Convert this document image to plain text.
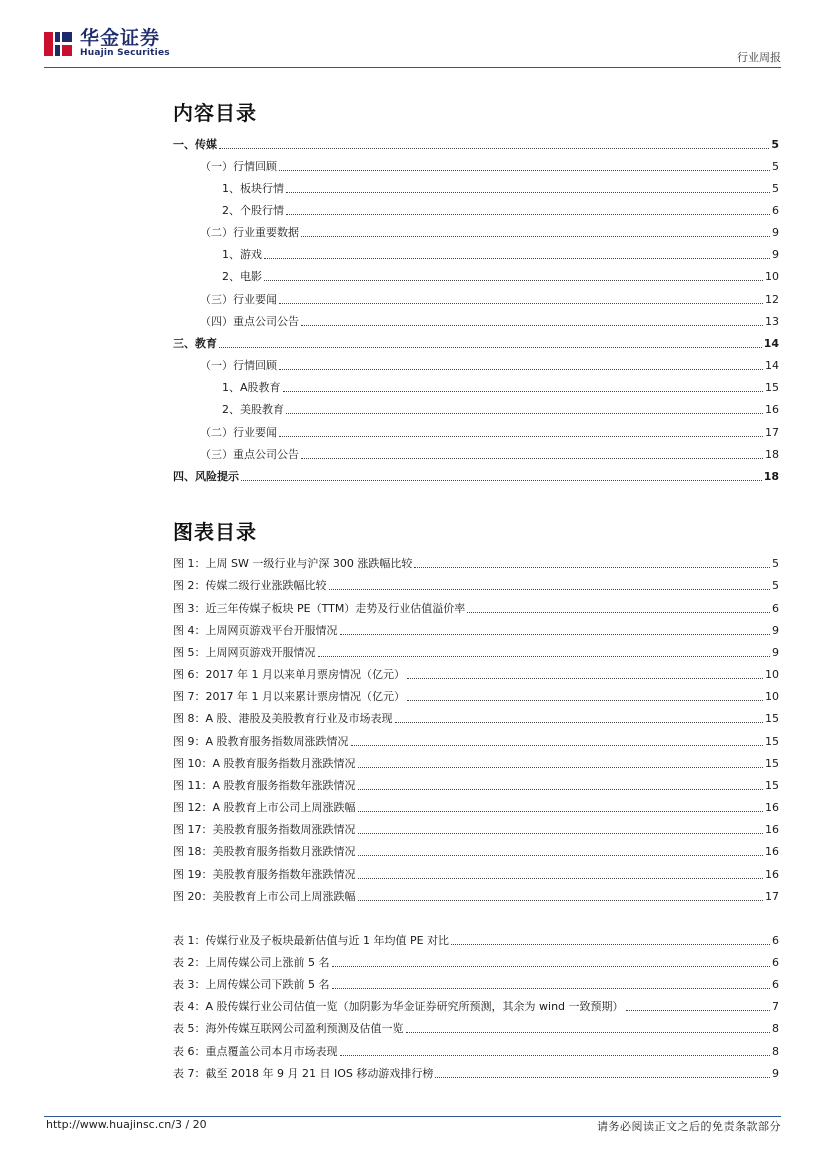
华金证券
Huajin Securities	行业周报
内容目录
一、传媒	5
（一）行情回顾	5
1、板块行情	5
2、个股行情	6
（二）行业重要数据	9
1、游戏	9
2、电影	10
（三）行业要闻	12
（四）重点公司公告	13
三、教育	14
（一）行情回顾	14
1、A股教育	15
2、美股教育	16
（二）行业要闻	17
（三）重点公司公告	18
四、风险提示	18
图表目录
图 1：上周 SW 一级行业与沪深 300 涨跌幅比较	5
图 2：传媒二级行业涨跌幅比较	5
图 3：近三年传媒子板块 PE（TTM）走势及行业估值溢价率	6
图 4：上周网页游戏平台开服情况	9
图 5：上周网页游戏开服情况	9
图 6：2017 年 1 月以来单月票房情况（亿元）	10
图 7：2017 年 1 月以来累计票房情况（亿元）	10
图 8：A 股、港股及美股教育行业及市场表现	15
图 9：A 股教育服务指数周涨跌情况	15
图 10：A 股教育服务指数月涨跌情况	15
图 11：A 股教育服务指数年涨跌情况	15
图 12：A 股教育上市公司上周涨跌幅	16
图 17：美股教育服务指数周涨跌情况	16
图 18：美股教育服务指数月涨跌情况	16
图 19：美股教育服务指数年涨跌情况	16
图 20：美股教育上市公司上周涨跌幅	17
表 1：传媒行业及子板块最新估值与近 1 年均值 PE 对比	6
表 2：上周传媒公司上涨前 5 名	6
表 3：上周传媒公司下跌前 5 名	6
表 4：A 股传媒行业公司估值一览（加阴影为华金证券研究所预测，其余为 wind 一致预期）	7
表 5：海外传媒互联网公司盈利预测及估值一览	8
表 6：重点覆盖公司本月市场表现	8
表 7：截至 2018 年 9 月 21 日 IOS 移动游戏排行榜	9
http://www.huajinsc.cn/3 / 20	请务必阅读正文之后的免责条款部分
